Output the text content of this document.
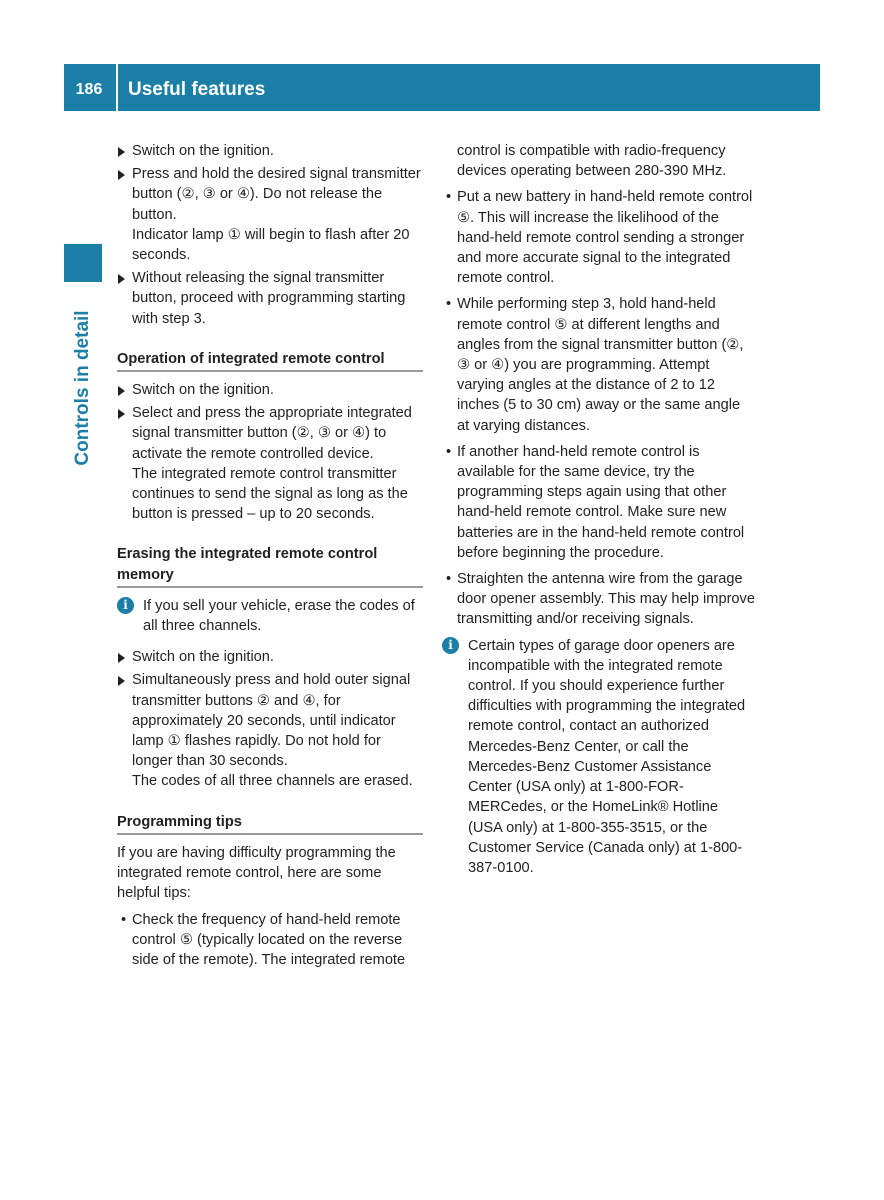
186	Useful features
Controls in detail
Switch on the ignition.
Press and hold the desired signal transmitter button (②, ③ or ④). Do not release the button.
Indicator lamp ① will begin to flash after 20 seconds.
Without releasing the signal transmitter button, proceed with programming starting with step 3.
Operation of integrated remote control
Switch on the ignition.
Select and press the appropriate integrated signal transmitter button (②, ③ or ④) to activate the remote controlled device.
The integrated remote control transmitter continues to send the signal as long as the button is pressed – up to 20 seconds.
Erasing the integrated remote control memory
i	If you sell your vehicle, erase the codes of all three channels.
Switch on the ignition.
Simultaneously press and hold outer signal transmitter buttons ② and ④, for approximately 20 seconds, until indicator lamp ① flashes rapidly. Do not hold for longer than 30 seconds.
The codes of all three channels are erased.
Programming tips
If you are having difficulty programming the integrated remote control, here are some helpful tips:
• Check the frequency of hand-held remote control ⑤ (typically located on the reverse side of the remote). The integrated remote
control is compatible with radio-frequency devices operating between 280-390 MHz.
• Put a new battery in hand-held remote control ⑤. This will increase the likelihood of the hand-held remote control sending a stronger and more accurate signal to the integrated remote control.
• While performing step 3, hold hand-held remote control ⑤ at different lengths and angles from the signal transmitter button (②, ③ or ④) you are programming. Attempt varying angles at the distance of 2 to 12 inches (5 to 30 cm) away or the same angle at varying distances.
• If another hand-held remote control is available for the same device, try the programming steps again using that other hand-held remote control. Make sure new batteries are in the hand-held remote control before beginning the procedure.
• Straighten the antenna wire from the garage door opener assembly. This may help improve transmitting and/or receiving signals.
i	Certain types of garage door openers are incompatible with the integrated remote control. If you should experience further difficulties with programming the integrated remote control, contact an authorized Mercedes-Benz Center, or call the Mercedes-Benz Customer Assistance Center (USA only) at 1-800-FOR-MERCedes, or the HomeLink® Hotline (USA only) at 1-800-355-3515, or the Customer Service (Canada only) at 1-800-387-0100.
